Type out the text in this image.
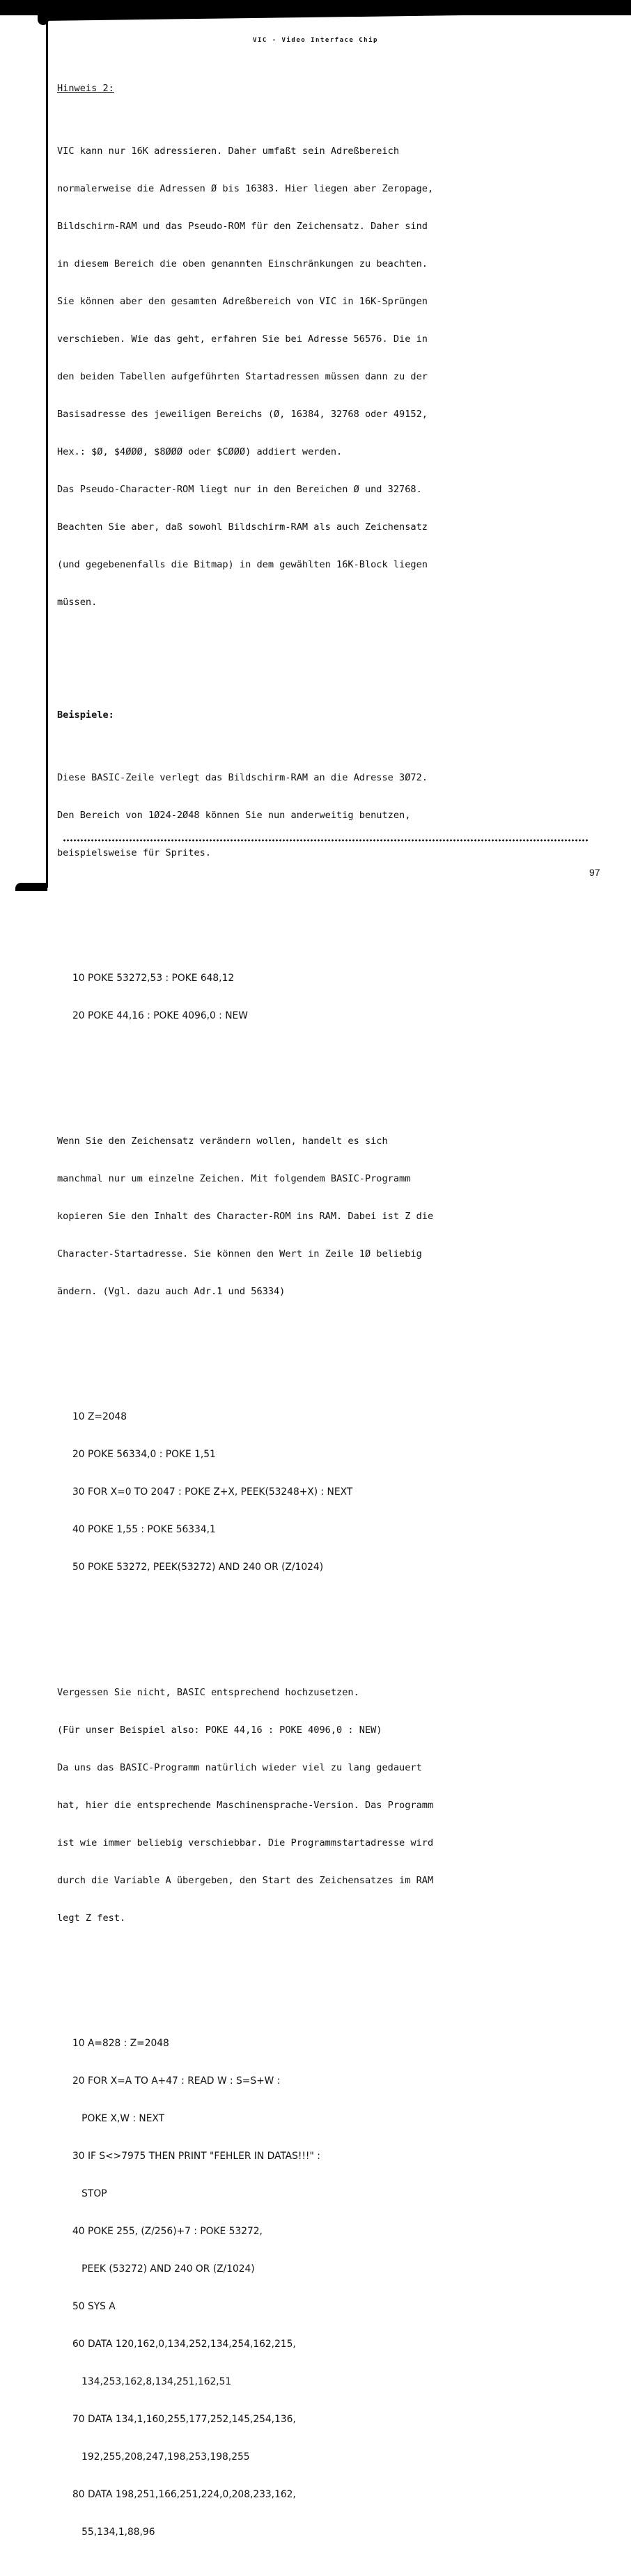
VIC - Video Interface Chip

Hinweis 2:

VIC kann nur 16K adressieren. Daher umfaßt sein Adreßbereich

normalerweise die Adressen Ø bis 16383. Hier liegen aber Zeropage,

Bildschirm-RAM und das Pseudo-ROM für den Zeichensatz. Daher sind

in diesem Bereich die oben genannten Einschränkungen zu beachten.

Sie können aber den gesamten Adreßbereich von VIC in 16K-Sprüngen

verschieben. Wie das geht, erfahren Sie bei Adresse 56576. Die in

den beiden Tabellen aufgeführten Startadressen müssen dann zu der

Basisadresse des jeweiligen Bereichs (Ø, 16384, 32768 oder 49152,

Hex.: $Ø, $4ØØØ, $8ØØØ oder $CØØØ) addiert werden.

Das Pseudo-Character-ROM liegt nur in den Bereichen Ø und 32768.

Beachten Sie aber, daß sowohl Bildschirm-RAM als auch Zeichensatz

(und gegebenenfalls die Bitmap) in dem gewählten 16K-Block liegen

müssen.

Beispiele:

Diese BASIC-Zeile verlegt das Bildschirm-RAM an die Adresse 3Ø72.

Den Bereich von 1Ø24-2Ø48 können Sie nun anderweitig benutzen,

beispielsweise für Sprites.

10 POKE 53272,53 : POKE 648,12

20 POKE 44,16 : POKE 4096,0 : NEW

Wenn Sie den Zeichensatz verändern wollen, handelt es sich

manchmal nur um einzelne Zeichen. Mit folgendem BASIC-Programm

kopieren Sie den Inhalt des Character-ROM ins RAM. Dabei ist Z die

Character-Startadresse. Sie können den Wert in Zeile 1Ø beliebig

ändern. (Vgl. dazu auch Adr.1 und 56334)

10 Z=2048

20 POKE 56334,0 : POKE 1,51

30 FOR X=0 TO 2047 : POKE Z+X, PEEK(53248+X) : NEXT

40 POKE 1,55 : POKE 56334,1

50 POKE 53272, PEEK(53272) AND 240 OR (Z/1024)

Vergessen Sie nicht, BASIC entsprechend hochzusetzen.

(Für unser Beispiel also: POKE 44,16 : POKE 4096,0 : NEW)

Da uns das BASIC-Programm natürlich wieder viel zu lang gedauert

hat, hier die entsprechende Maschinensprache-Version. Das Programm

ist wie immer beliebig verschiebbar. Die Programmstartadresse wird

durch die Variable A übergeben, den Start des Zeichensatzes im RAM

legt Z fest.

10 A=828 : Z=2048

20 FOR X=A TO A+47 : READ W : S=S+W :

POKE X,W : NEXT

30 IF S<>7975 THEN PRINT "FEHLER IN DATAS!!!" :

STOP

40 POKE 255, (Z/256)+7 : POKE 53272,

PEEK (53272) AND 240 OR (Z/1024)

50 SYS A

60 DATA 120,162,0,134,252,134,254,162,215,

134,253,162,8,134,251,162,51

70 DATA 134,1,160,255,177,252,145,254,136,

192,255,208,247,198,253,198,255

80 DATA 198,251,166,251,224,0,208,233,162,

55,134,1,88,96

97
